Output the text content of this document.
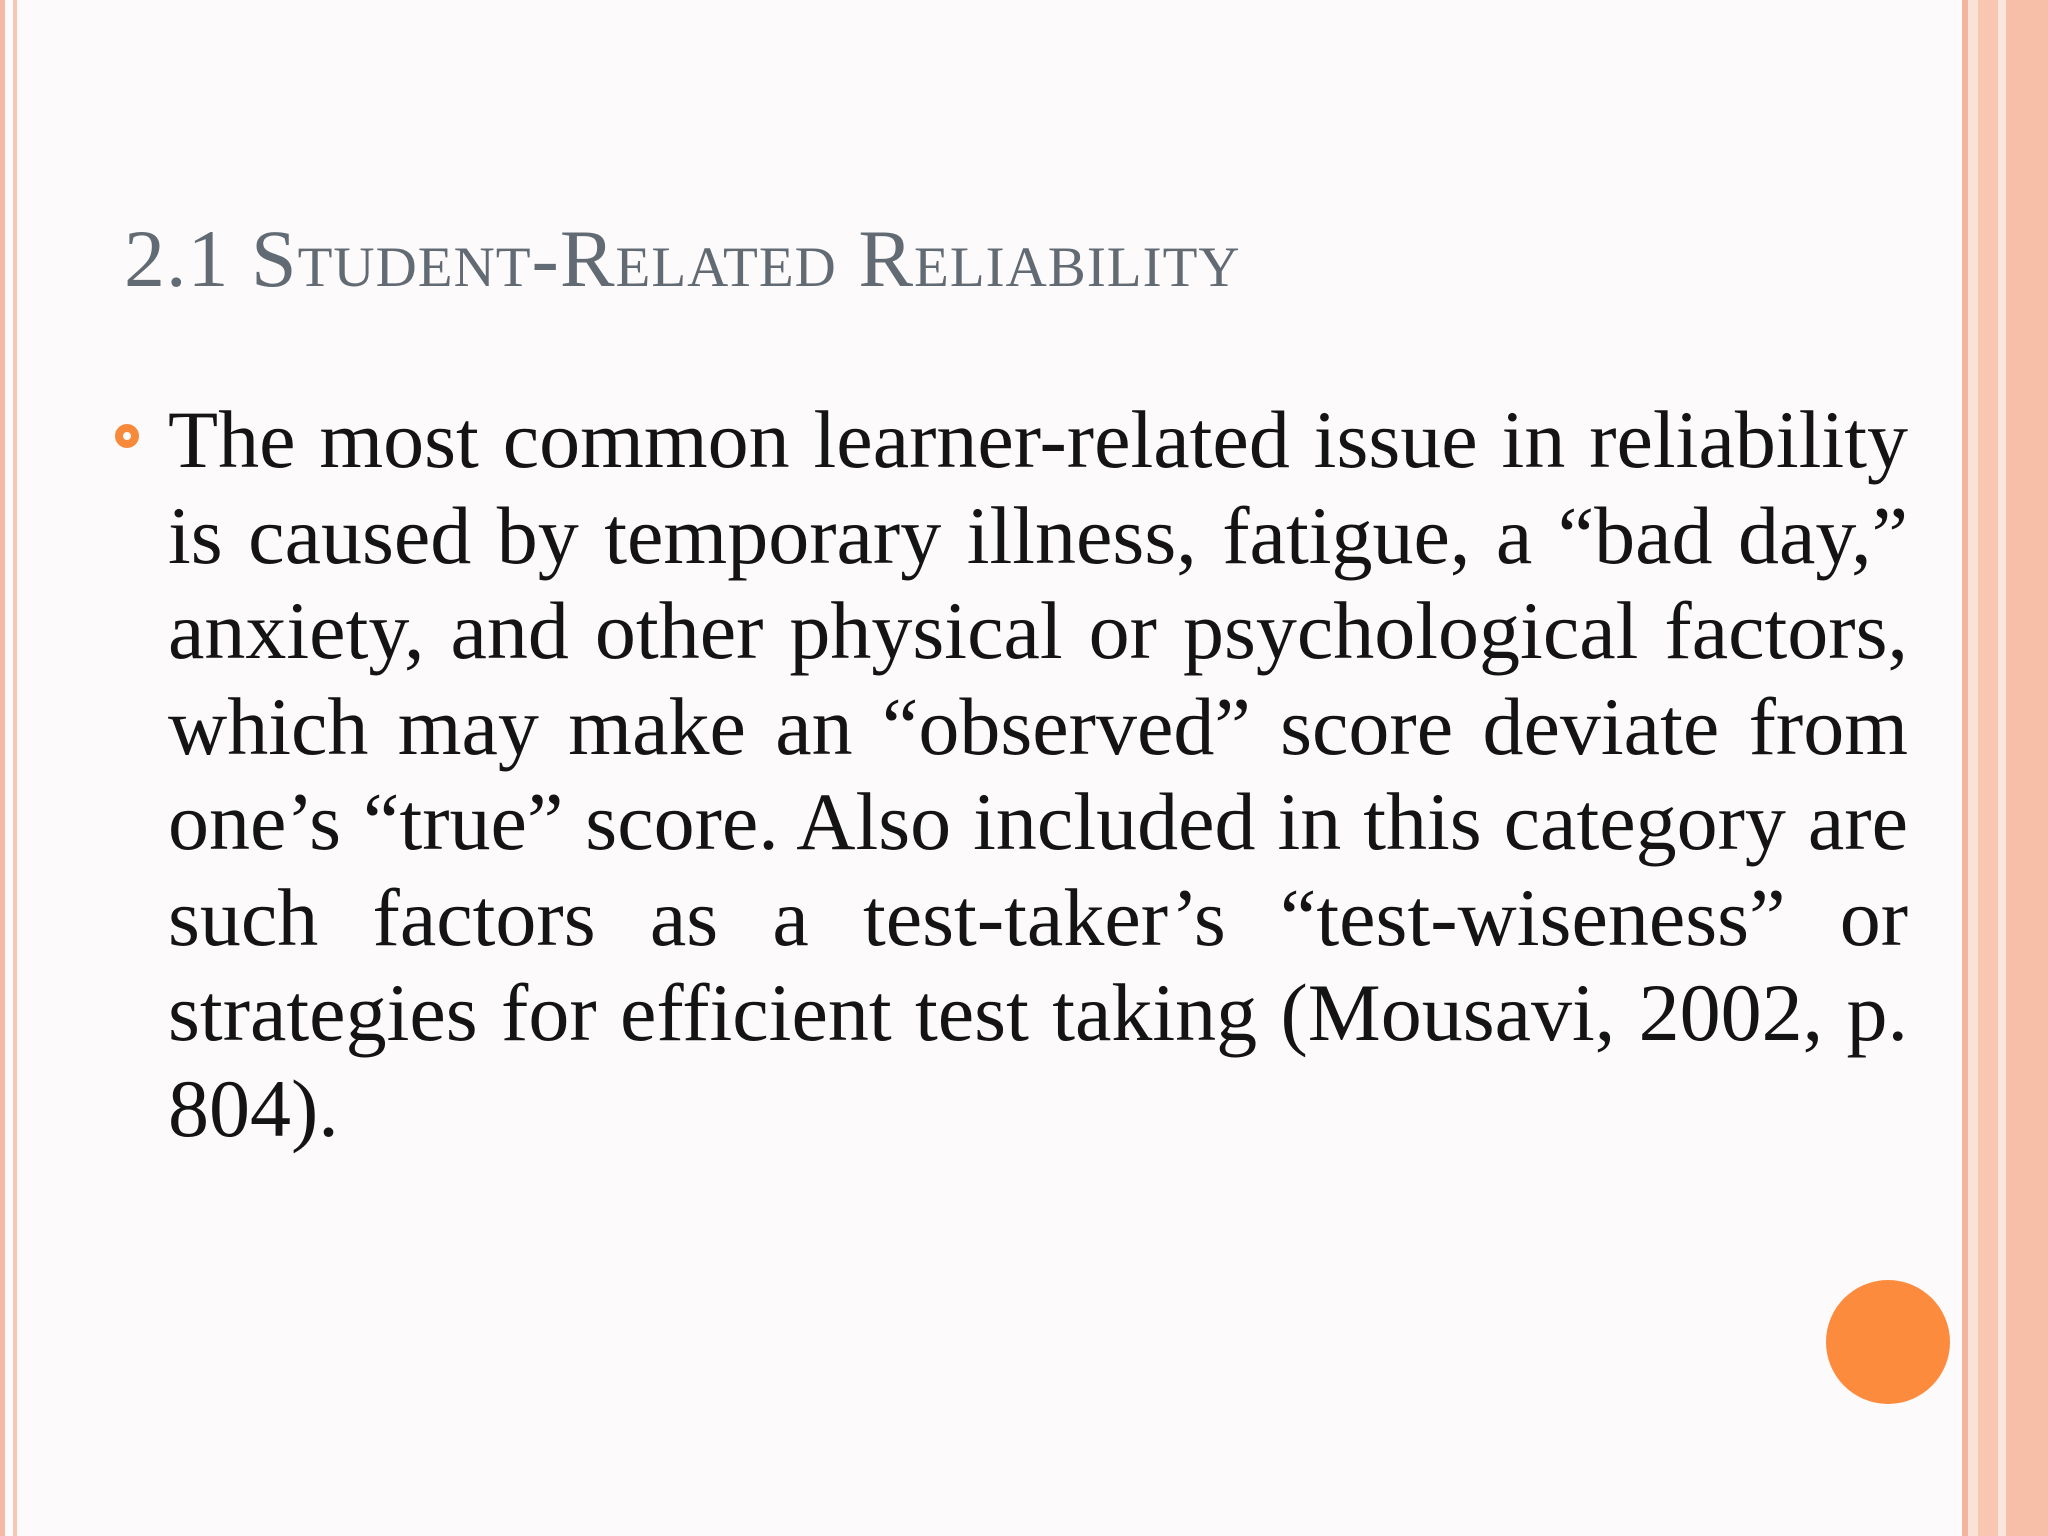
2.1 Student-Related Reliability

The most common learner-related issue in reliability is caused by temporary illness, fatigue, a “bad day,” anxiety, and other physical or psychological factors, which may make an “observed” score deviate from one’s “true” score. Also included in this category are such factors as a test-taker’s “test-wiseness” or strategies for efficient test taking (Mousavi, 2002, p. 804).
